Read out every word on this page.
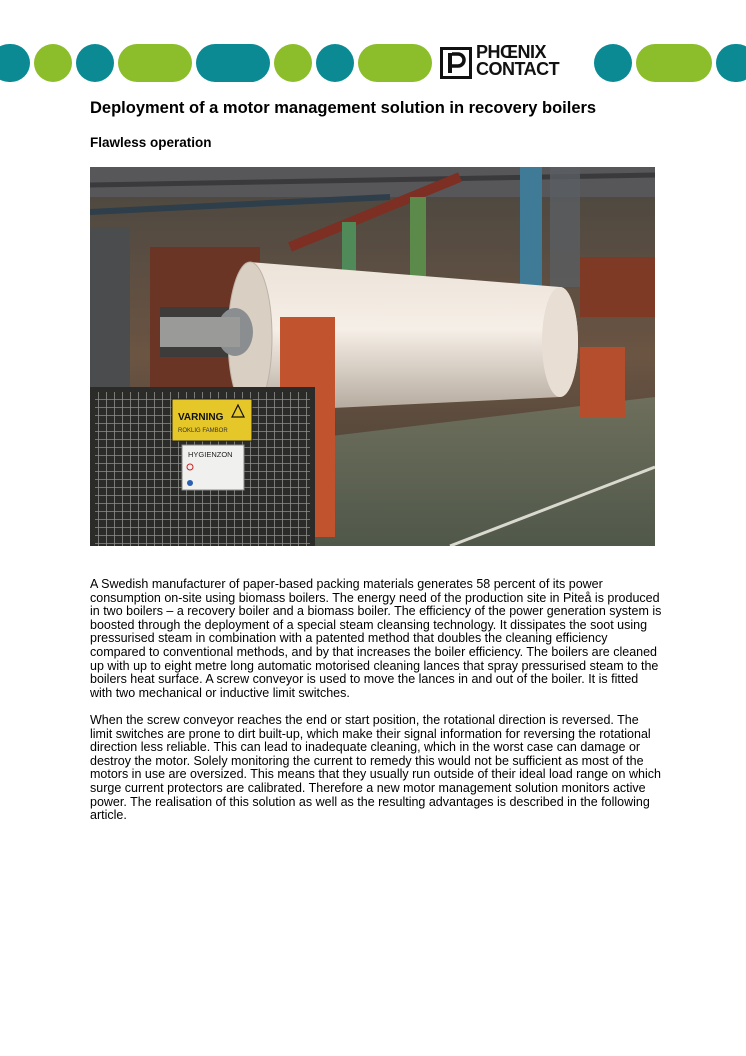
PHŒNIX
CONTACT
Deployment of a motor management solution in recovery boilers
Flawless operation
VARNING
ROKLIG FAMBOR
HYGIENZON

A Swedish manufacturer of paper-based packing materials generates 58 percent of its power consumption on-site using biomass boilers. The energy need of the production site in Piteå is produced in two boilers – a recovery boiler and a biomass boiler. The efficiency of the power generation system is boosted through the deployment of a special steam cleansing technology. It dissipates the soot using pressurised steam in combination with a patented method that doubles the cleaning efficiency compared to conventional methods, and by that increases the boiler efficiency. The boilers are cleaned up with up to eight metre long automatic motorised cleaning lances that spray pressurised steam to the boilers heat surface. A screw conveyor is used to move the lances in and out of the boiler. It is fitted with two mechanical or inductive limit switches.

When the screw conveyor reaches the end or start position, the rotational direction is reversed. The limit switches are prone to dirt built-up, which make their signal information for reversing the rotational direction less reliable. This can lead to inadequate cleaning, which in the worst case can damage or destroy the motor. Solely monitoring the current to remedy this would not be sufficient as most of the motors in use are oversized. This means that they usually run outside of their ideal load range on which surge current protectors are calibrated. Therefore a new motor management solution monitors active power. The realisation of this solution as well as the resulting advantages is described in the following article.
